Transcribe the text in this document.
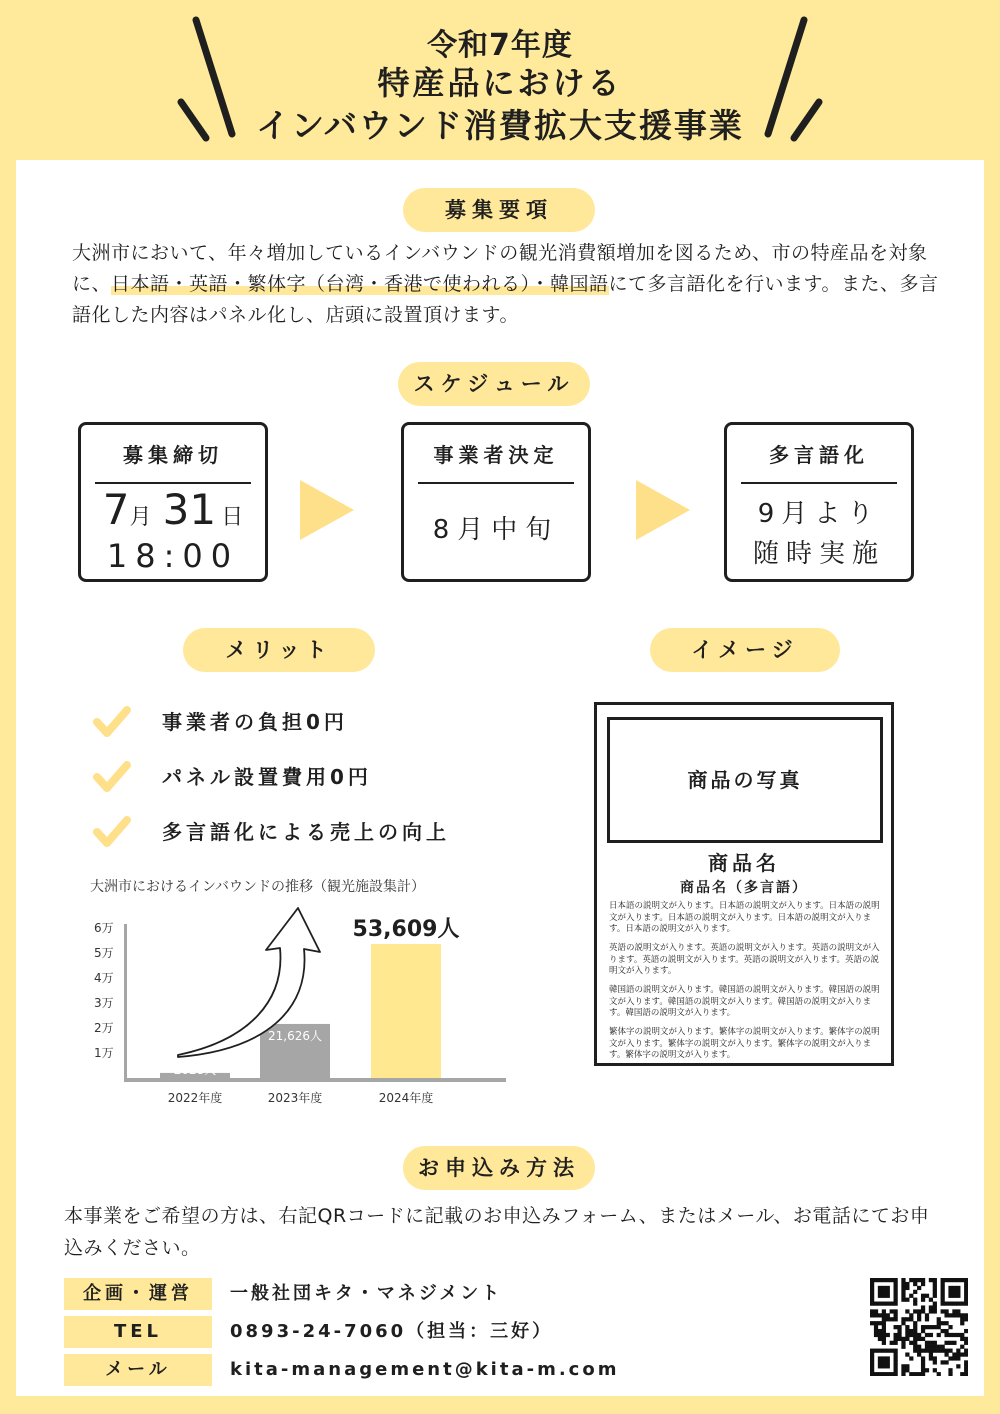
令和7年度
特産品における
インバウンド消費拡大支援事業
募集要項
大洲市において、年々増加しているインバウンドの観光消費額増加を図るため、市の特産品を対象に、日本語・英語・繁体字（台湾・香港で使われる）・韓国語にて多言語化を行います。また、多言語化した内容はパネル化し、店頭に設置頂けます。
スケジュール
募集締切
7月 31 日
18:00
事業者決定
8月中旬
多言語化
9月より
随時実施
メリット
事業者の負担0円
パネル設置費用0円
多言語化による売上の向上
大洲市におけるインバウンドの推移（観光施設集計）
6万
5万
4万
3万
2万
1万
2028人
2022年度
21,626人
2023年度
53,609人
2024年度
イメージ
商品の写真
商品名
商品名（多言語）
日本語の説明文が入ります。日本語の説明文が入ります。日本語の説明文が入ります。日本語の説明文が入ります。日本語の説明文が入ります。日本語の説明文が入ります。
英語の説明文が入ります。英語の説明文が入ります。英語の説明文が入ります。英語の説明文が入ります。英語の説明文が入ります。英語の説明文が入ります。
韓国語の説明文が入ります。韓国語の説明文が入ります。韓国語の説明文が入ります。韓国語の説明文が入ります。韓国語の説明文が入ります。韓国語の説明文が入ります。
繁体字の説明文が入ります。繁体字の説明文が入ります。繁体字の説明文が入ります。繁体字の説明文が入ります。繁体字の説明文が入ります。繁体字の説明文が入ります。
お申込み方法
本事業をご希望の方は、右記QRコードに記載のお申込みフォーム、またはメール、お電話にてお申込みください。
企画・運営	一般社団キタ・マネジメント
TEL	0893-24-7060（担当：三好）
メール	kita-management@kita-m.com
